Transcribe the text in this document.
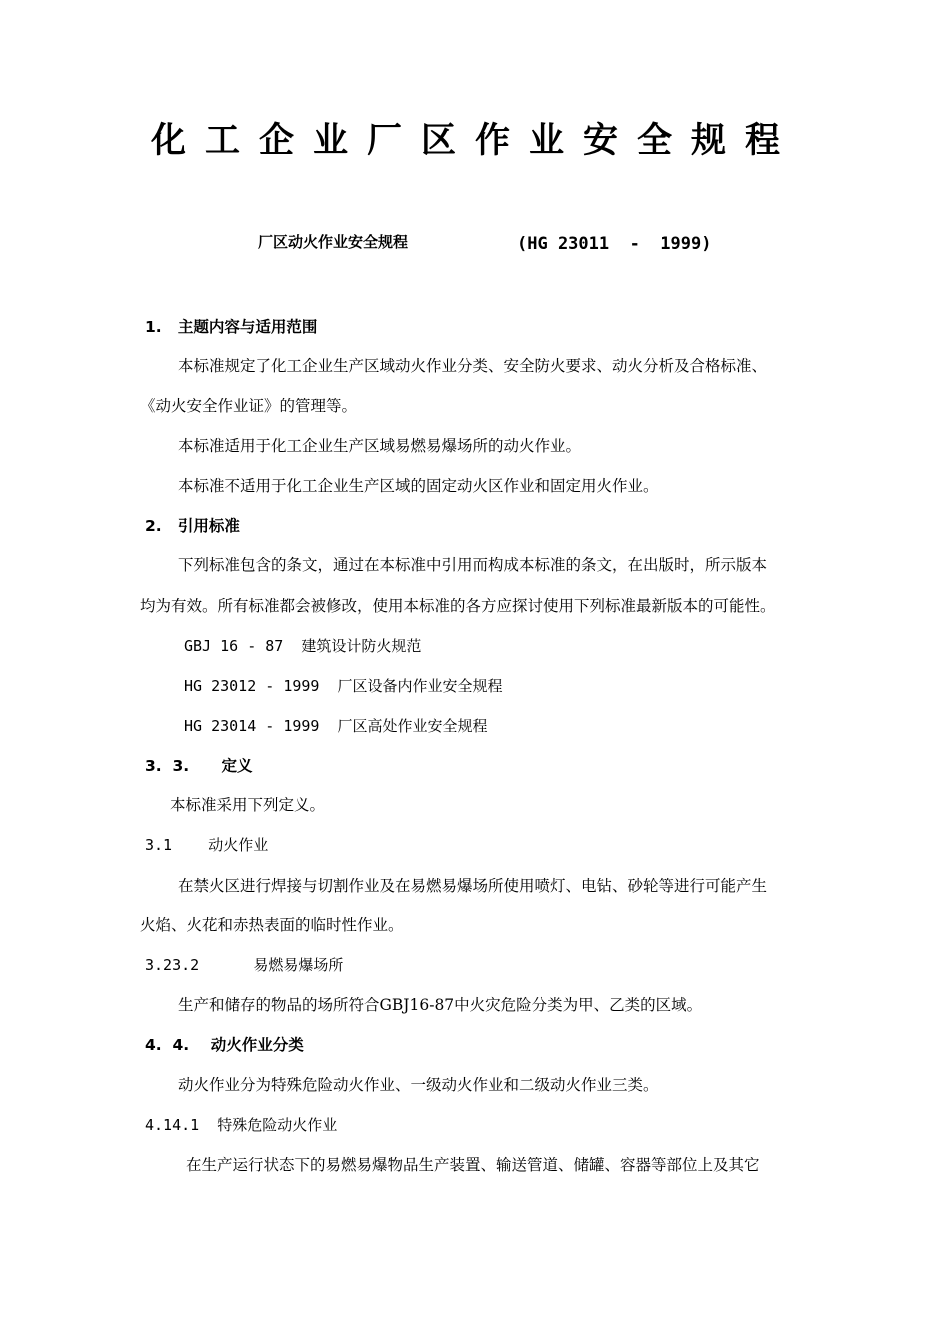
化工企业厂区作业安全规程
厂区动火作业安全规程	(HG 23011  -  1999)
1.   主题内容与适用范围
本标准规定了化工企业生产区域动火作业分类、安全防火要求、动火分析及合格标准、
《动火安全作业证》的管理等。
本标准适用于化工企业生产区域易燃易爆场所的动火作业。
本标准不适用于化工企业生产区域的固定动火区作业和固定用火作业。
2.   引用标准
下列标准包含的条文，通过在本标准中引用而构成本标准的条文，在出版时，所示版本
均为有效。所有标准都会被修改，使用本标准的各方应探讨使用下列标准最新版本的可能性。
GBJ 16 - 87  建筑设计防火规范
HG 23012 - 1999  厂区设备内作业安全规程
HG 23014 - 1999  厂区高处作业安全规程
3.  3.      定义
本标准采用下列定义。
3.1    动火作业
在禁火区进行焊接与切割作业及在易燃易爆场所使用喷灯、电钻、砂轮等进行可能产生
火焰、火花和赤热表面的临时性作业。
3.23.2      易燃易爆场所
生产和储存的物品的场所符合GBJ16-87中火灾危险分类为甲、乙类的区域。
4.  4.    动火作业分类
动火作业分为特殊危险动火作业、一级动火作业和二级动火作业三类。
4.14.1  特殊危险动火作业
在生产运行状态下的易燃易爆物品生产装置、输送管道、储罐、容器等部位上及其它
